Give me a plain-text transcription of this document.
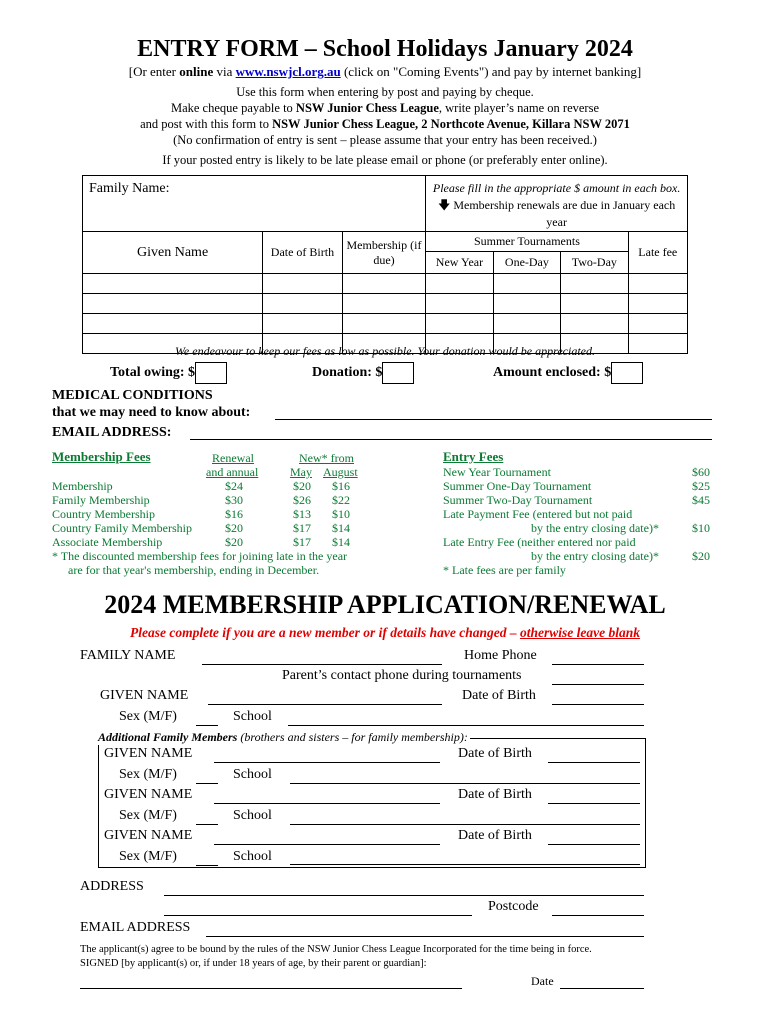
ENTRY FORM – School Holidays January 2024
[Or enter online via www.nswjcl.org.au (click on "Coming Events") and pay by internet banking]
Use this form when entering by post and paying by cheque.
Make cheque payable to NSW Junior Chess League, write player’s name on reverse
and post with this form to NSW Junior Chess League, 2 Northcote Avenue, Killara NSW 2071
(No confirmation of entry is sent – please assume that your entry has been received.)
If your posted entry is likely to be late please email or phone (or preferably enter online).
Family Name:			Please fill in the appropriate $ amount in each box.
🡇 Membership renewals are due in January each year			

Given Name	Date of Birth	Membership (if due)	Summer Tournaments			Late fee
			New Year	One-Day	Two-Day	

We endeavour to keep our fees as low as possible. Your donation would be appreciated.
Total owing: $	Donation: $	Amount enclosed: $
MEDICAL CONDITIONS
that we may need to know about:
EMAIL ADDRESS:
Membership Fees	Renewal
and annual
New* from
May August
Membership	$24	$20 $16
Family Membership	$30	$26 $22
Country Membership	$16	$13 $10
Country Family Membership	$20	$17 $14
Associate Membership	$20	$17 $14
* The discounted membership fees for joining late in the year
are for that year's membership, ending in December.
Entry Fees
New Year Tournament	$60
Summer One-Day Tournament	$25
Summer Two-Day Tournament	$45
Late Payment Fee (entered but not paid
by the entry closing date)*	$10
Late Entry Fee (neither entered nor paid
by the entry closing date)*	$20
* Late fees are per family
2024 MEMBERSHIP APPLICATION/RENEWAL
Please complete if you are a new member or if details have changed – otherwise leave blank
FAMILY NAME	Home Phone
Parent’s contact phone during tournaments
GIVEN NAME	Date of Birth
Sex (M/F)	School
Additional Family Members (brothers and sisters – for family membership):
GIVEN NAME	Date of Birth
Sex (M/F)	School
GIVEN NAME	Date of Birth
Sex (M/F)	School
GIVEN NAME	Date of Birth
Sex (M/F)	School
ADDRESS
Postcode
EMAIL ADDRESS
The applicant(s) agree to be bound by the rules of the NSW Junior Chess League Incorporated for the time being in force.
SIGNED [by applicant(s) or, if under 18 years of age, by their parent or guardian]:
Date
